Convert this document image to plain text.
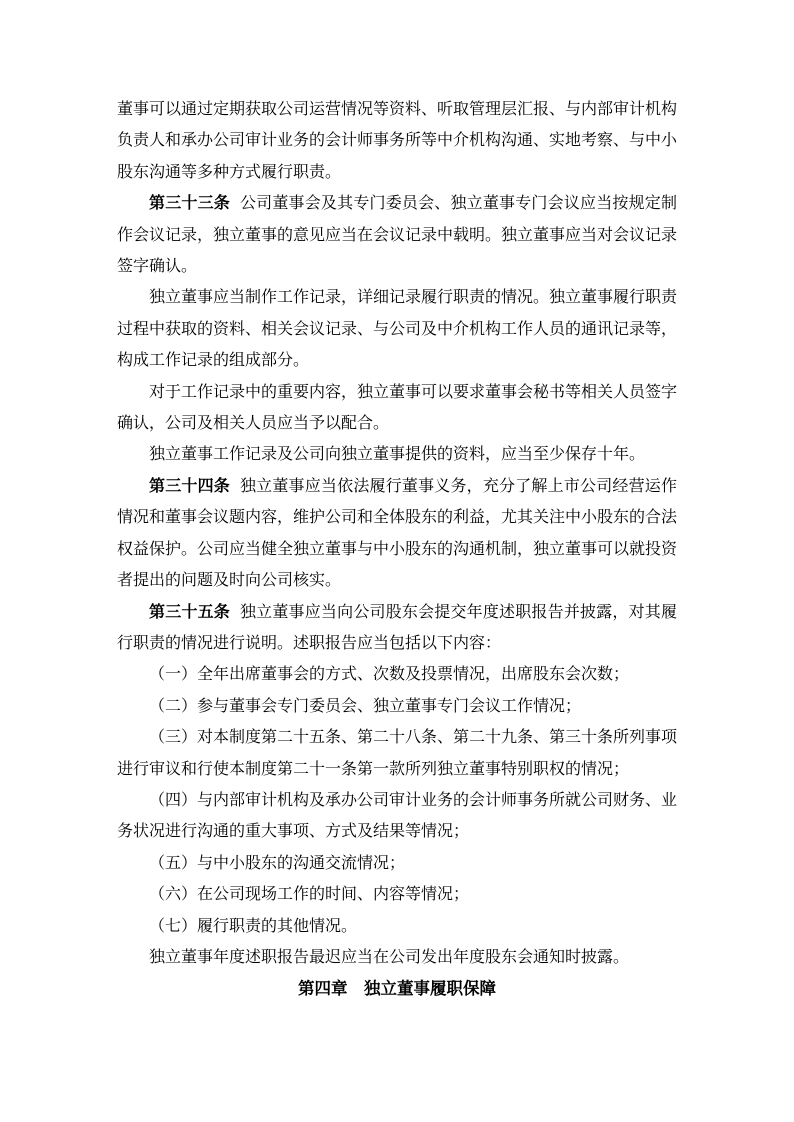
董事可以通过定期获取公司运营情况等资料、听取管理层汇报、与内部审计机构负责人和承办公司审计业务的会计师事务所等中介机构沟通、实地考察、与中小股东沟通等多种方式履行职责。

第三十三条 公司董事会及其专门委员会、独立董事专门会议应当按规定制作会议记录，独立董事的意见应当在会议记录中载明。独立董事应当对会议记录签字确认。

独立董事应当制作工作记录，详细记录履行职责的情况。独立董事履行职责过程中获取的资料、相关会议记录、与公司及中介机构工作人员的通讯记录等，构成工作记录的组成部分。

对于工作记录中的重要内容，独立董事可以要求董事会秘书等相关人员签字确认，公司及相关人员应当予以配合。

独立董事工作记录及公司向独立董事提供的资料，应当至少保存十年。

第三十四条 独立董事应当依法履行董事义务，充分了解上市公司经营运作情况和董事会议题内容，维护公司和全体股东的利益，尤其关注中小股东的合法权益保护。公司应当健全独立董事与中小股东的沟通机制，独立董事可以就投资者提出的问题及时向公司核实。

第三十五条 独立董事应当向公司股东会提交年度述职报告并披露，对其履行职责的情况进行说明。述职报告应当包括以下内容：

（一）全年出席董事会的方式、次数及投票情况，出席股东会次数；

（二）参与董事会专门委员会、独立董事专门会议工作情况；

（三）对本制度第二十五条、第二十八条、第二十九条、第三十条所列事项进行审议和行使本制度第二十一条第一款所列独立董事特别职权的情况；

（四）与内部审计机构及承办公司审计业务的会计师事务所就公司财务、业务状况进行沟通的重大事项、方式及结果等情况；

（五）与中小股东的沟通交流情况；

（六）在公司现场工作的时间、内容等情况；

（七）履行职责的其他情况。

独立董事年度述职报告最迟应当在公司发出年度股东会通知时披露。

第四章　独立董事履职保障
